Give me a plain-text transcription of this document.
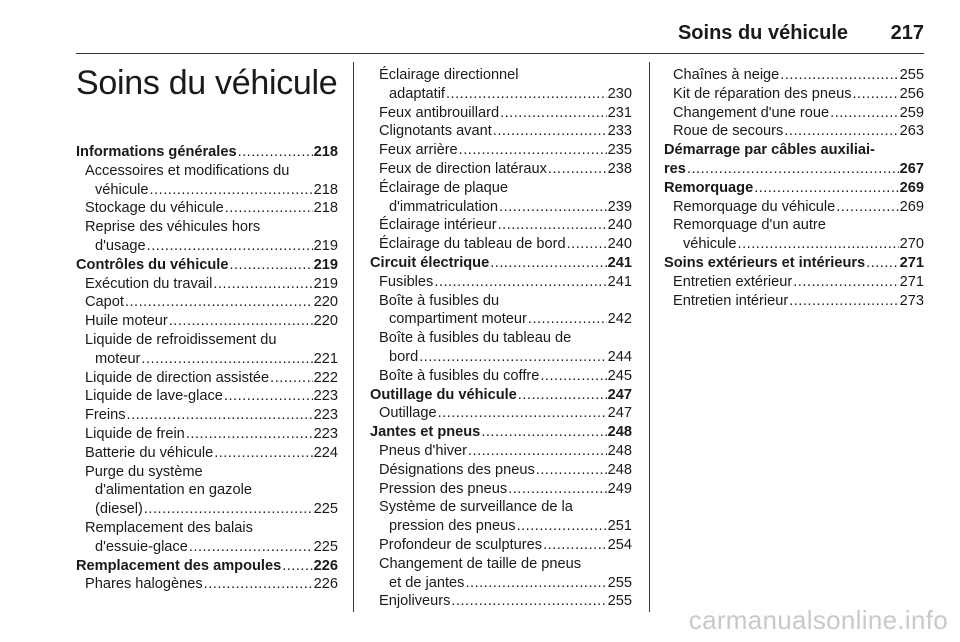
Soins du véhicule 217
Soins du véhicule
Informations générales .....	218
Accessoires et modifications du
véhicule .....	218
Stockage du véhicule .....	218
Reprise des véhicules hors
d'usage .....	219
Contrôles du véhicule .....	219
Exécution du travail .....	219
Capot .....	220
Huile moteur .....	220
Liquide de refroidissement du
moteur .....	221
Liquide de direction assistée .....	222
Liquide de lave-glace .....	223
Freins .....	223
Liquide de frein .....	223
Batterie du véhicule .....	224
Purge du système
d'alimentation en gazole
(diesel) .....	225
Remplacement des balais
d'essuie-glace .....	225
Remplacement des ampoules ..... 226
Phares halogènes .....	226
Éclairage directionnel
adaptatif .....	230
Feux antibrouillard .....	231
Clignotants avant .....	233
Feux arrière .....	235
Feux de direction latéraux .....	238
Éclairage de plaque
d'immatriculation .....	239
Éclairage intérieur .....	240
Éclairage du tableau de bord .....	240
Circuit électrique .....	241
Fusibles .....	241
Boîte à fusibles du
compartiment moteur .....	242
Boîte à fusibles du tableau de
bord .....	244
Boîte à fusibles du coffre .....	245
Outillage du véhicule .....	247
Outillage .....	247
Jantes et pneus .....	248
Pneus d'hiver .....	248
Désignations des pneus .....	248
Pression des pneus .....	249
Système de surveillance de la
pression des pneus .....	251
Profondeur de sculptures .....	254
Changement de taille de pneus
et de jantes .....	255
Enjoliveurs .....	255
Chaînes à neige .....	255
Kit de réparation des pneus .....	256
Changement d'une roue .....	259
Roue de secours .....	263
Démarrage par câbles auxiliai-
res .....	267
Remorquage .....	269
Remorquage du véhicule .....	269
Remorquage d'un autre
véhicule .....	270
Soins extérieurs et intérieurs ..... 271
Entretien extérieur .....	271
Entretien intérieur .....	273
carmanualsonline.info
